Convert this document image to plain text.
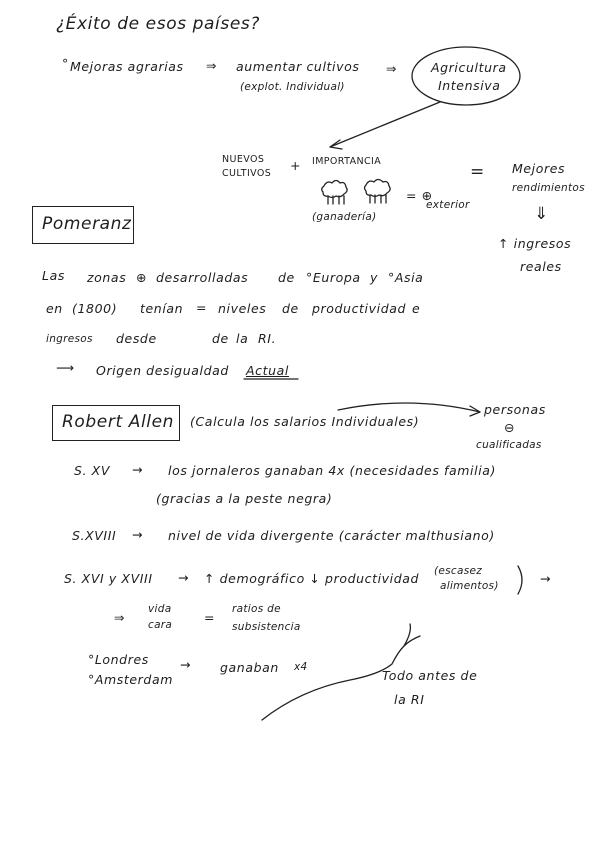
¿Éxito de esos países?
° Mejoras agrarias ⇒ aumentar cultivos
(explot. Individual)
⇒	Agricultura
Intensiva
NUEVOS
CULTIVOS
+ IMPORTANCIA
(ganadería)
= ⊕
exterior
= Mejores
rendimientos
⇓
↑ ingresos
reales
Pomeranz
Las zonas ⊕ desarrolladas de °Europa y °Asia
en (1800) tenían = niveles de productividad e
ingresos desde	de la RI.
⟶ Origen desigualdad Actual
Robert Allen (Calcula los salarios Individuales)
personas
⊖
cualificadas
S. XV → los jornaleros ganaban 4x (necesidades familia)
(gracias a la peste negra)
S.XVIII → nivel de vida divergente (carácter malthusiano)
S. XVI y XVIII → ↑ demográfico ↓ productividad (escasez
alimentos)	→
⇒
vida
cara	=
ratios de
subsistencia
°Londres
°Amsterdam
→ ganaban x4
Todo antes de
la RI
